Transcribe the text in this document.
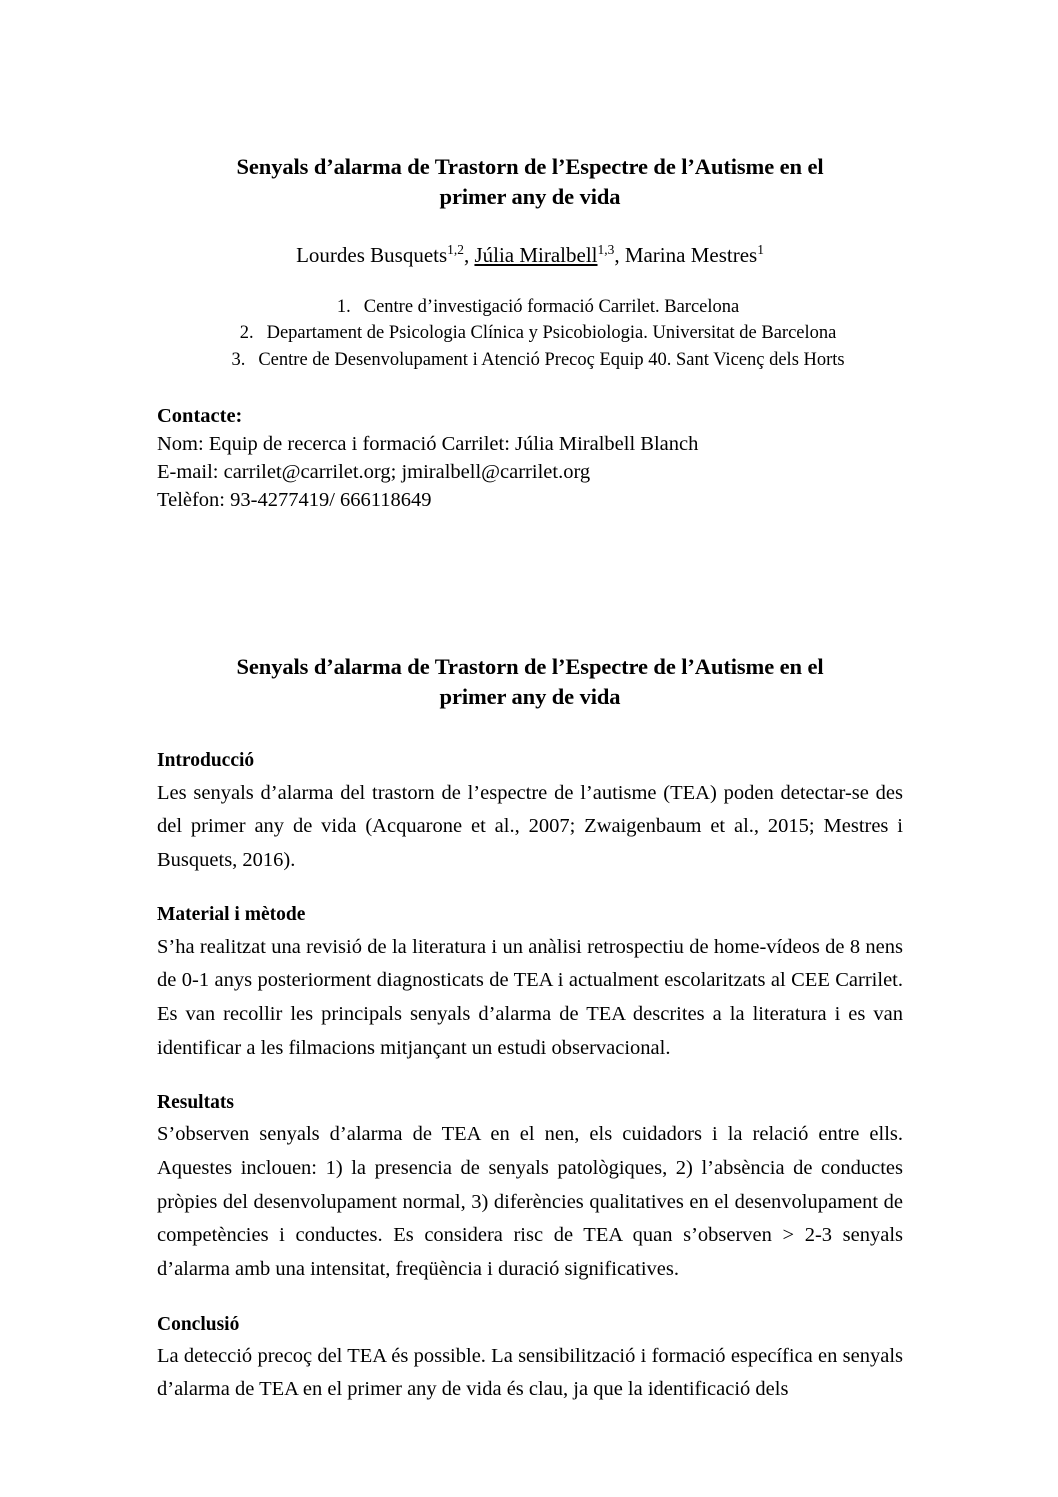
Senyals d’alarma de Trastorn de l’Espectre de l’Autisme en el
primer any de vida
Lourdes Busquets$^{1,2}$, Júlia Miralbell$^{1,3}$, Marina Mestres$^1$
1. Centre d’investigació formació Carrilet. Barcelona
2. Departament de Psicologia Clínica y Psicobiologia. Universitat de Barcelona
3. Centre de Desenvolupament i Atenció Precoç Equip 40. Sant Vicenç dels Horts
Contacte:
Nom: Equip de recerca i formació Carrilet: Júlia Miralbell Blanch
E-mail: carrilet@carrilet.org; jmiralbell@carrilet.org
Telèfon: 93-4277419/ 666118649
Senyals d’alarma de Trastorn de l’Espectre de l’Autisme en el
primer any de vida
Introducció

Les senyals d’alarma del trastorn de l’espectre de l’autisme (TEA) poden detectar-se des del primer any de vida (Acquarone et al., 2007; Zwaigenbaum et al., 2015; Mestres i Busquets, 2016).

Material i mètode

S’ha realitzat una revisió de la literatura i un anàlisi retrospectiu de home-vídeos de 8 nens de 0-1 anys posteriorment diagnosticats de TEA i actualment escolaritzats al CEE Carrilet. Es van recollir les principals senyals d’alarma de TEA descrites a la literatura i es van identificar a les filmacions mitjançant un estudi observacional.

Resultats

S’observen senyals d’alarma de TEA en el nen, els cuidadors i la relació entre ells. Aquestes inclouen: 1) la presencia de senyals patològiques, 2) l’absència de conductes pròpies del desenvolupament normal, 3) diferències qualitatives en el desenvolupament de competències i conductes. Es considera risc de TEA quan s’observen > 2-3 senyals d’alarma amb una intensitat, freqüència i duració significatives.

Conclusió

La detecció precoç del TEA és possible. La sensibilització i formació específica en senyals d’alarma de TEA en el primer any de vida és clau, ja que la identificació dels
